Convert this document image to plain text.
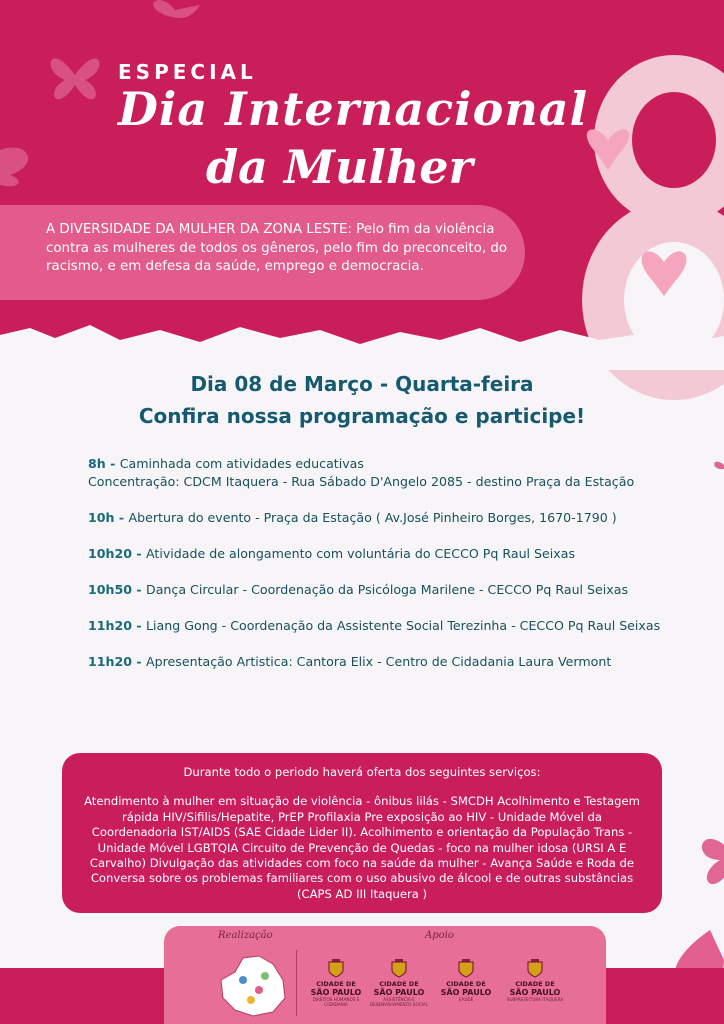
ESPECIAL
Dia Internacional
da Mulher
A DIVERSIDADE DA MULHER DA ZONA LESTE: Pelo fim da violência contra as mulheres de todos os gêneros, pelo fim do preconceito, do racismo, e em defesa da saúde, emprego e democracia.
Dia 08 de Março - Quarta-feira
Confira nossa programação e participe!
8h - Caminhada com atividades educativas
Concentração: CDCM Itaquera - Rua Sábado D'Angelo 2085 - destino Praça da Estação
10h - Abertura do evento - Praça da Estação ( Av.José Pinheiro Borges, 1670-1790 )
10h20 - Atividade de alongamento com voluntária do CECCO Pq Raul Seixas
10h50 - Dança Circular - Coordenação da Psicóloga Marilene - CECCO Pq Raul Seixas
11h20 - Liang Gong - Coordenação da Assistente Social Terezinha - CECCO Pq Raul Seixas
11h20 - Apresentação Artistica: Cantora Elix - Centro de Cidadania Laura Vermont
Durante todo o periodo haverá oferta dos seguintes serviços:
Atendimento à mulher em situação de violência - ônibus lilás - SMCDH Acolhimento e Testagem rápida HIV/Sifilis/Hepatite, PrEP Profilaxia Pre exposição ao HIV - Unidade Móvel da Coordenadoria IST/AIDS (SAE Cidade Lider II). Acolhimento e orientação da População Trans - Unidade Móvel LGBTQIA Circuito de Prevenção de Quedas - foco na mulher idosa (URSI A E Carvalho) Divulgação das atividades com foco na saúde da mulher - Avança Saúde e Roda de Conversa sobre os problemas familiares com o uso abusivo de álcool e de outras substâncias (CAPS AD III Itaquera )
Realização	Apoio
CIDADE DE
SÃO PAULO
DIREITOS HUMANOS E CIDADANIA
CIDADE DE
SÃO PAULO
ASSISTÊNCIA E DESENVOLVIMENTO SOCIAL
CIDADE DE
SÃO PAULO
SAÚDE
CIDADE DE
SÃO PAULO
SUBPREFEITURA ITAQUERA
